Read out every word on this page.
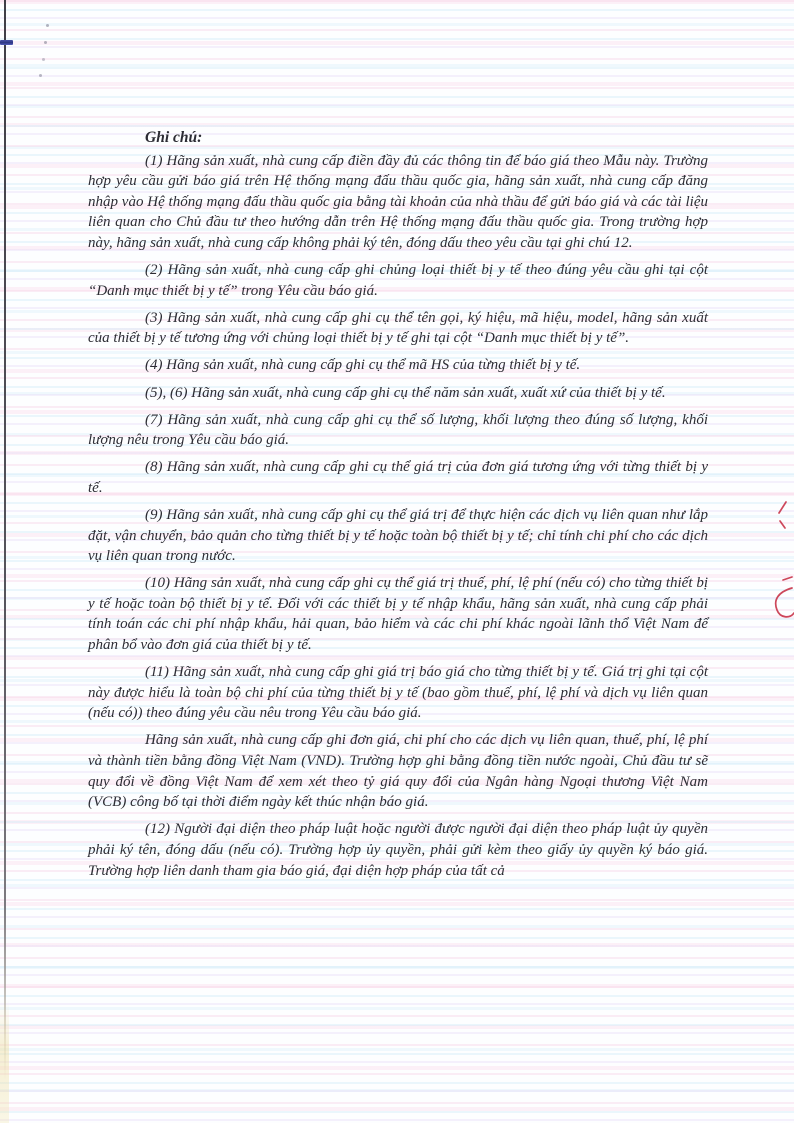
Ghi chú:

(1) Hãng sản xuất, nhà cung cấp điền đầy đủ các thông tin để báo giá theo Mẫu này. Trường hợp yêu cầu gửi báo giá trên Hệ thống mạng đấu thầu quốc gia, hãng sản xuất, nhà cung cấp đăng nhập vào Hệ thống mạng đấu thầu quốc gia bằng tài khoản của nhà thầu để gửi báo giá và các tài liệu liên quan cho Chủ đầu tư theo hướng dẫn trên Hệ thống mạng đấu thầu quốc gia. Trong trường hợp này, hãng sản xuất, nhà cung cấp không phải ký tên, đóng dấu theo yêu cầu tại ghi chú 12.

(2) Hãng sản xuất, nhà cung cấp ghi chủng loại thiết bị y tế theo đúng yêu cầu ghi tại cột “Danh mục thiết bị y tế” trong Yêu cầu báo giá.

(3) Hãng sản xuất, nhà cung cấp ghi cụ thể tên gọi, ký hiệu, mã hiệu, model, hãng sản xuất của thiết bị y tế tương ứng với chủng loại thiết bị y tế ghi tại cột “Danh mục thiết bị y tế”.

(4) Hãng sản xuất, nhà cung cấp ghi cụ thể mã HS của từng thiết bị y tế.

(5), (6) Hãng sản xuất, nhà cung cấp ghi cụ thể năm sản xuất, xuất xứ của thiết bị y tế.

(7) Hãng sản xuất, nhà cung cấp ghi cụ thể số lượng, khối lượng theo đúng số lượng, khối lượng nêu trong Yêu cầu báo giá.

(8) Hãng sản xuất, nhà cung cấp ghi cụ thể giá trị của đơn giá tương ứng với từng thiết bị y tế.

(9) Hãng sản xuất, nhà cung cấp ghi cụ thể giá trị để thực hiện các dịch vụ liên quan như lắp đặt, vận chuyển, bảo quản cho từng thiết bị y tế hoặc toàn bộ thiết bị y tế; chỉ tính chi phí cho các dịch vụ liên quan trong nước.

(10) Hãng sản xuất, nhà cung cấp ghi cụ thể giá trị thuế, phí, lệ phí (nếu có) cho từng thiết bị y tế hoặc toàn bộ thiết bị y tế. Đối với các thiết bị y tế nhập khẩu, hãng sản xuất, nhà cung cấp phải tính toán các chi phí nhập khẩu, hải quan, bảo hiểm và các chi phí khác ngoài lãnh thổ Việt Nam để phân bổ vào đơn giá của thiết bị y tế.

(11) Hãng sản xuất, nhà cung cấp ghi giá trị báo giá cho từng thiết bị y tế. Giá trị ghi tại cột này được hiểu là toàn bộ chi phí của từng thiết bị y tế (bao gồm thuế, phí, lệ phí và dịch vụ liên quan (nếu có)) theo đúng yêu cầu nêu trong Yêu cầu báo giá.

Hãng sản xuất, nhà cung cấp ghi đơn giá, chi phí cho các dịch vụ liên quan, thuế, phí, lệ phí và thành tiền bằng đồng Việt Nam (VND). Trường hợp ghi bằng đồng tiền nước ngoài, Chủ đầu tư sẽ quy đổi về đồng Việt Nam để xem xét theo tỷ giá quy đổi của Ngân hàng Ngoại thương Việt Nam (VCB) công bố tại thời điểm ngày kết thúc nhận báo giá.

(12) Người đại diện theo pháp luật hoặc người được người đại diện theo pháp luật ủy quyền phải ký tên, đóng dấu (nếu có). Trường hợp ủy quyền, phải gửi kèm theo giấy ủy quyền ký báo giá. Trường hợp liên danh tham gia báo giá, đại diện hợp pháp của tất cả
